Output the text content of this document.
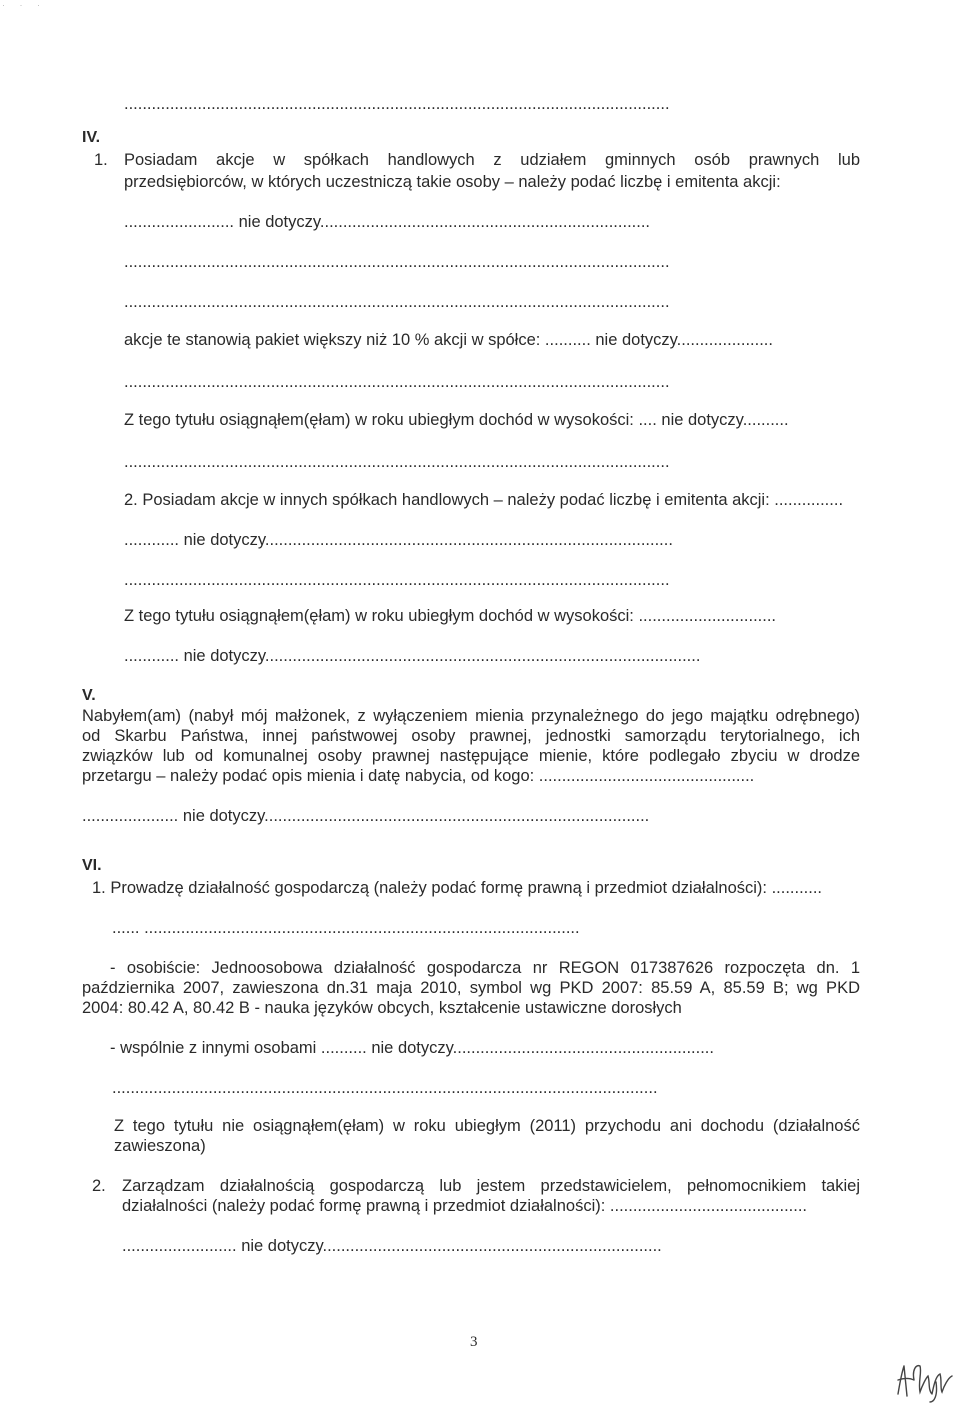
· · ·
.......................................................................................................................
IV.
1. Posiadam akcje w spółkach handlowych z udziałem gminnych osób prawnych lub
przedsiębiorców, w których uczestniczą takie osoby – należy podać liczbę i emitenta akcji:
........................ nie dotyczy........................................................................
.......................................................................................................................
.......................................................................................................................
akcje te stanowią pakiet większy niż 10 % akcji w spółce: .......... nie dotyczy.....................
.......................................................................................................................
Z tego tytułu osiągnąłem(ęłam) w roku ubiegłym dochód w wysokości: .... nie dotyczy..........
.......................................................................................................................
2. Posiadam akcje w innych spółkach handlowych – należy podać liczbę i emitenta akcji: ...............
............ nie dotyczy.........................................................................................
.......................................................................................................................
Z tego tytułu osiągnąłem(ęłam) w roku ubiegłym dochód w wysokości: ..............................
............ nie dotyczy...............................................................................................
V.
Nabyłem(am) (nabył mój małżonek, z wyłączeniem mienia przynależnego do jego majątku odrębnego)
od Skarbu Państwa, innej państwowej osoby prawnej, jednostki samorządu terytorialnego, ich
związków lub od komunalnej osoby prawnej następujące mienie, które podlegało zbyciu w drodze
przetargu – należy podać opis mienia i datę nabycia, od kogo: ...............................................
..................... nie dotyczy....................................................................................
VI.
1. Prowadzę działalność gospodarczą (należy podać formę prawną i przedmiot działalności): ...........
...... ...............................................................................................
- osobiście: Jednoosobowa działalność gospodarcza nr REGON 017387626 rozpoczęta dn. 1
października 2007, zawieszona dn.31 maja 2010, symbol wg PKD 2007: 85.59 A, 85.59 B; wg PKD
2004: 80.42 A, 80.42 B - nauka języków obcych, kształcenie ustawiczne dorosłych
- wspólnie z innymi osobami .......... nie dotyczy.........................................................
.......................................................................................................................
Z tego tytułu nie osiągnąłem(ęłam) w roku ubiegłym (2011) przychodu ani dochodu (działalność
zawieszona)
2. Zarządzam działalnością gospodarczą lub jestem przedstawicielem, pełnomocnikiem takiej
działalności (należy podać formę prawną i przedmiot działalności): ...........................................
......................... nie dotyczy..........................................................................
3
